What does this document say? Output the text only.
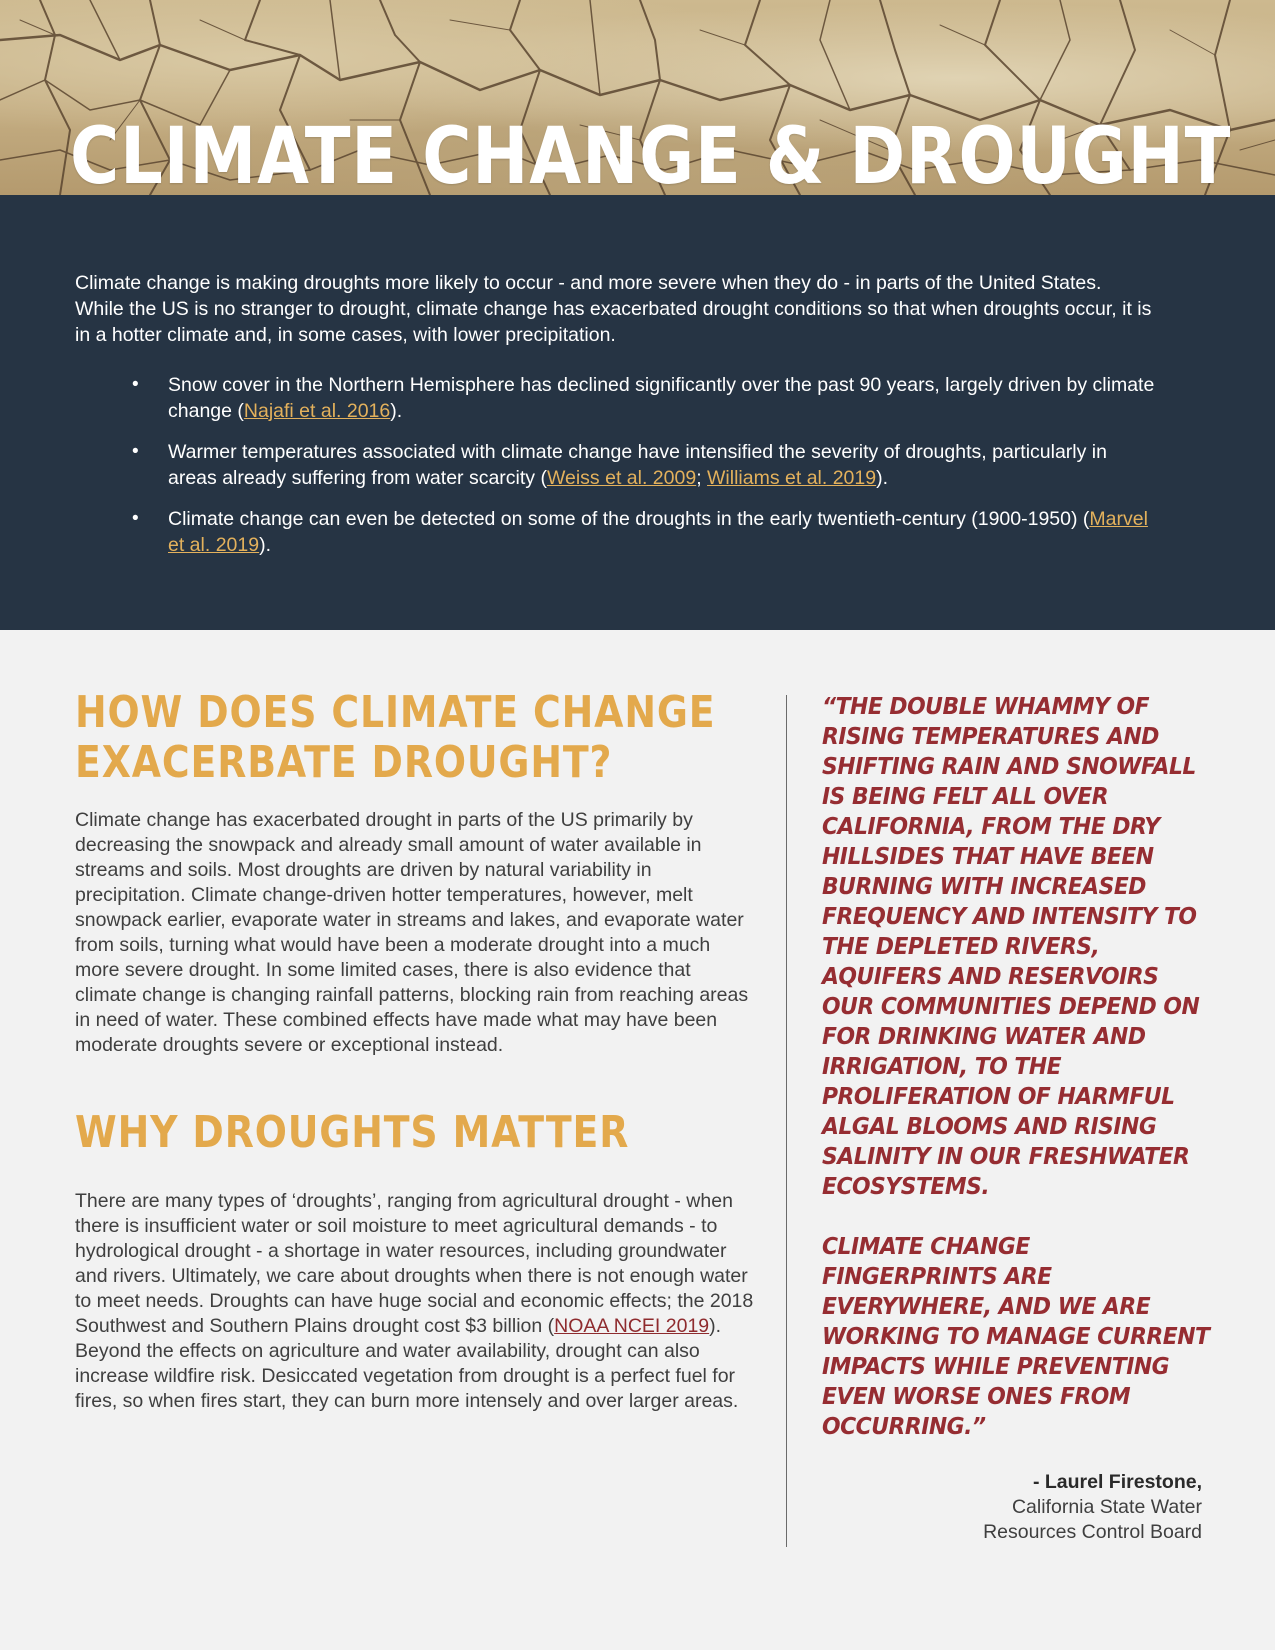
CLIMATE CHANGE & DROUGHT

Climate change is making droughts more likely to occur - and more severe when they do - in parts of the United States. While the US is no stranger to drought, climate change has exacerbated drought conditions so that when droughts occur, it is in a hotter climate and, in some cases, with lower precipitation.

• Snow cover in the Northern Hemisphere has declined significantly over the past 90 years, largely driven by climate change (Najafi et al. 2016).
• Warmer temperatures associated with climate change have intensified the severity of droughts, particularly in areas already suffering from water scarcity (Weiss et al. 2009; Williams et al. 2019).
• Climate change can even be detected on some of the droughts in the early twentieth-century (1900-1950) (Marvel et al. 2019).
HOW DOES CLIMATE CHANGE EXACERBATE DROUGHT?

Climate change has exacerbated drought in parts of the US primarily by decreasing the snowpack and already small amount of water available in streams and soils. Most droughts are driven by natural variability in precipitation. Climate change-driven hotter temperatures, however, melt snowpack earlier, evaporate water in streams and lakes, and evaporate water from soils, turning what would have been a moderate drought into a much more severe drought. In some limited cases, there is also evidence that climate change is changing rainfall patterns, blocking rain from reaching areas in need of water. These combined effects have made what may have been moderate droughts severe or exceptional instead.

WHY DROUGHTS MATTER

There are many types of ‘droughts’, ranging from agricultural drought - when there is insufficient water or soil moisture to meet agricultural demands - to hydrological drought - a shortage in water resources, including groundwater and rivers. Ultimately, we care about droughts when there is not enough water to meet needs. Droughts can have huge social and economic effects; the 2018 Southwest and Southern Plains drought cost $3 billion (NOAA NCEI 2019). Beyond the effects on agriculture and water availability, drought can also increase wildfire risk. Desiccated vegetation from drought is a perfect fuel for fires, so when fires start, they can burn more intensely and over larger areas.

“THE DOUBLE WHAMMY OF RISING TEMPERATURES AND SHIFTING RAIN AND SNOWFALL IS BEING FELT ALL OVER CALIFORNIA, FROM THE DRY HILLSIDES THAT HAVE BEEN BURNING WITH INCREASED FREQUENCY AND INTENSITY TO THE DEPLETED RIVERS, AQUIFERS AND RESERVOIRS OUR COMMUNITIES DEPEND ON FOR DRINKING WATER AND IRRIGATION, TO THE PROLIFERATION OF HARMFUL ALGAL BLOOMS AND RISING SALINITY IN OUR FRESHWATER ECOSYSTEMS.

CLIMATE CHANGE FINGERPRINTS ARE EVERYWHERE, AND WE ARE WORKING TO MANAGE CURRENT IMPACTS WHILE PREVENTING EVEN WORSE ONES FROM OCCURRING.”

- Laurel Firestone,
California State Water
Resources Control Board
